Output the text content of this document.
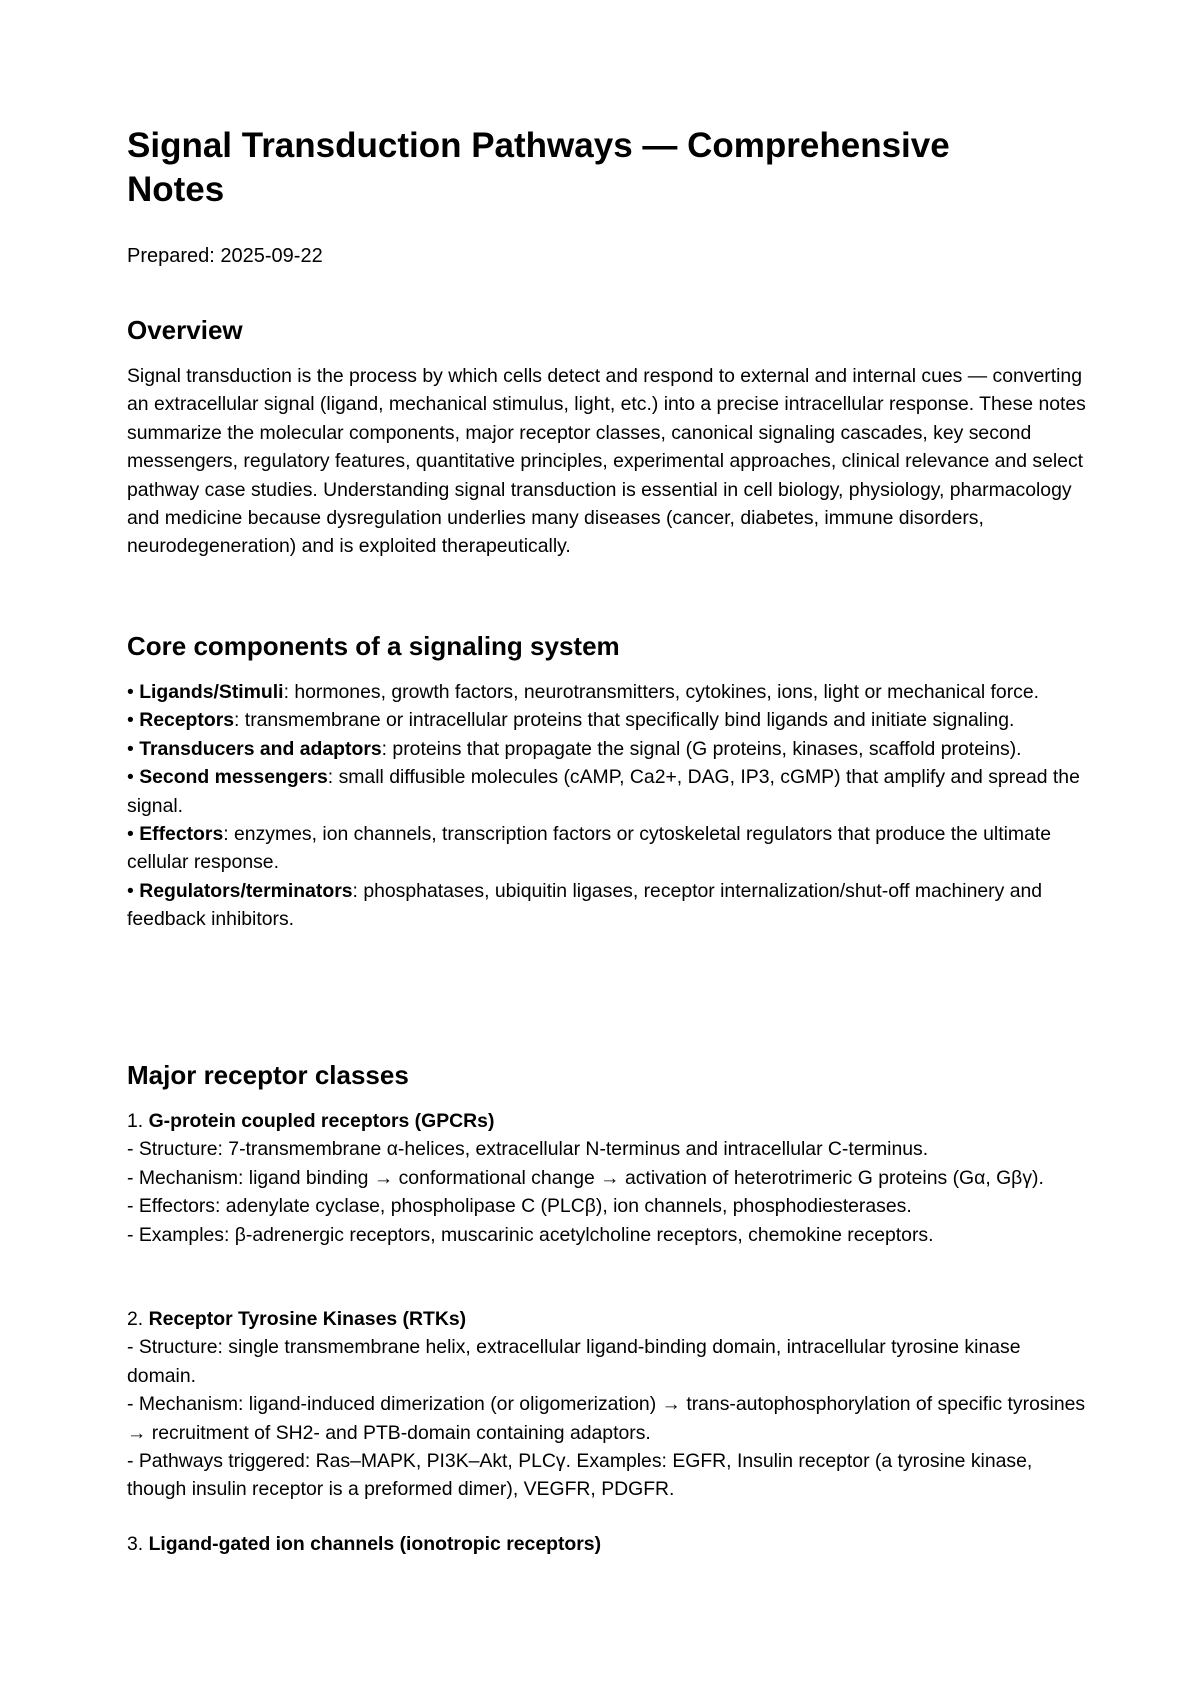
Signal Transduction Pathways — Comprehensive Notes

Prepared: 2025-09-22

Overview

Signal transduction is the process by which cells detect and respond to external and internal cues — converting an extracellular signal (ligand, mechanical stimulus, light, etc.) into a precise intracellular response. These notes summarize the molecular components, major receptor classes, canonical signaling cascades, key second messengers, regulatory features, quantitative principles, experimental approaches, clinical relevance and select pathway case studies. Understanding signal transduction is essential in cell biology, physiology, pharmacology and medicine because dysregulation underlies many diseases (cancer, diabetes, immune disorders, neurodegeneration) and is exploited therapeutically.

Core components of a signaling system

• Ligands/Stimuli: hormones, growth factors, neurotransmitters, cytokines, ions, light or mechanical force.

• Receptors: transmembrane or intracellular proteins that specifically bind ligands and initiate signaling.

• Transducers and adaptors: proteins that propagate the signal (G proteins, kinases, scaffold proteins).

• Second messengers: small diffusible molecules (cAMP, Ca2+, DAG, IP3, cGMP) that amplify and spread the signal.

• Effectors: enzymes, ion channels, transcription factors or cytoskeletal regulators that produce the ultimate cellular response.

• Regulators/terminators: phosphatases, ubiquitin ligases, receptor internalization/shut-off machinery and feedback inhibitors.

Major receptor classes

1. G-protein coupled receptors (GPCRs)

- Structure: 7-transmembrane α-helices, extracellular N-terminus and intracellular C-terminus.

- Mechanism: ligand binding → conformational change → activation of heterotrimeric G proteins (Gα, Gβγ).

- Effectors: adenylate cyclase, phospholipase C (PLCβ), ion channels, phosphodiesterases.

- Examples: β-adrenergic receptors, muscarinic acetylcholine receptors, chemokine receptors.

2. Receptor Tyrosine Kinases (RTKs)

- Structure: single transmembrane helix, extracellular ligand-binding domain, intracellular tyrosine kinase domain.

- Mechanism: ligand-induced dimerization (or oligomerization) → trans-autophosphorylation of specific tyrosines → recruitment of SH2- and PTB-domain containing adaptors.

- Pathways triggered: Ras–MAPK, PI3K–Akt, PLCγ. Examples: EGFR, Insulin receptor (a tyrosine kinase, though insulin receptor is a preformed dimer), VEGFR, PDGFR.

3. Ligand-gated ion channels (ionotropic receptors)
